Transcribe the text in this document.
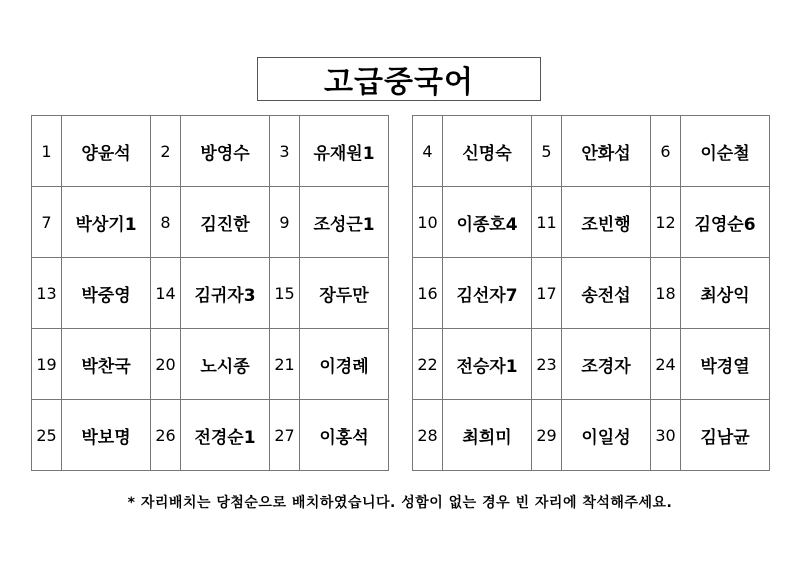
고급중국어
1	양윤석	2	방영수	3	유재원1
7	박상기1	8	김진한	9	조성근1
13	박중영	14	김귀자3	15	장두만
19	박찬국	20	노시종	21	이경례
25	박보명	26	전경순1	27	이홍석
4	신명숙	5	안화섭	6	이순철
10	이종호4	11	조빈행	12	김영순6
16	김선자7	17	송전섭	18	최상익
22	전승자1	23	조경자	24	박경열
28	최희미	29	이일성	30	김남균
* 자리배치는 당첨순으로 배치하였습니다. 성함이 없는 경우 빈 자리에 착석해주세요.
